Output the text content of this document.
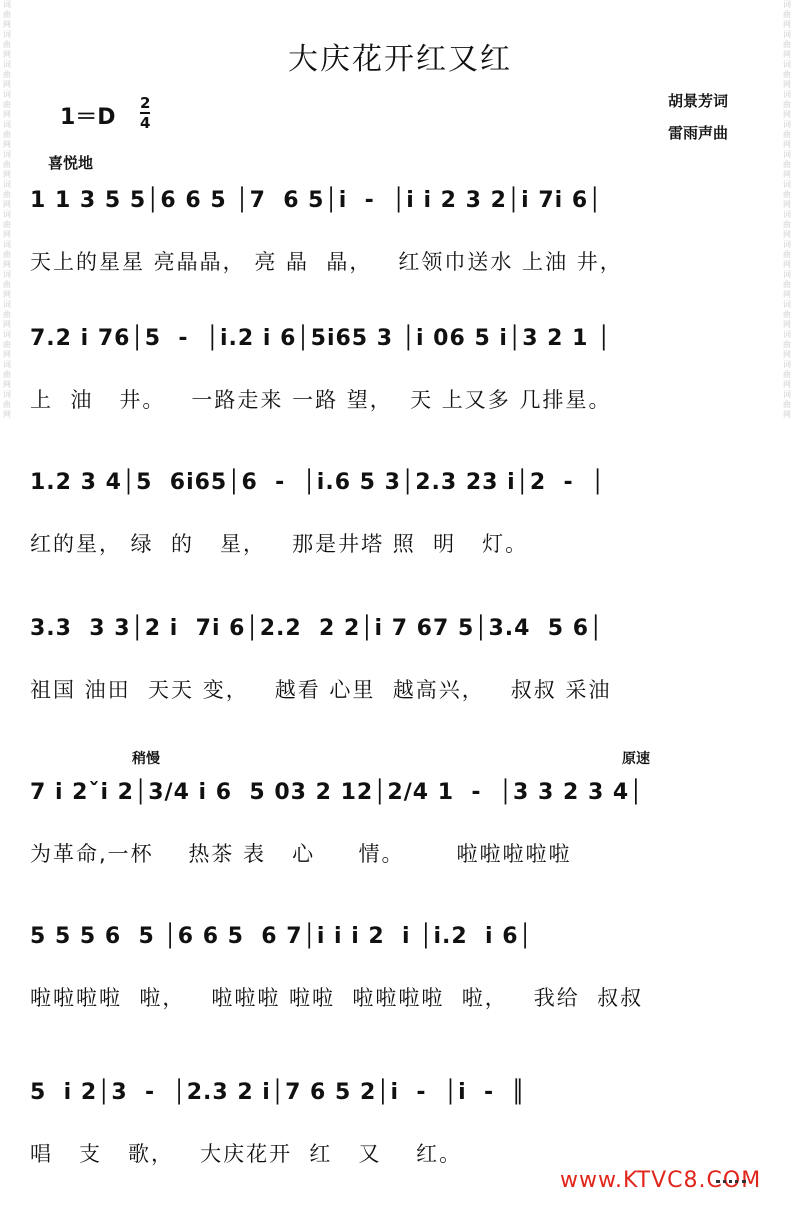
词曲网词曲网词曲网词曲网词曲网词曲网词曲网词曲网词曲网词曲网词曲网词曲网词曲网词曲网
词曲网词曲网词曲网词曲网词曲网词曲网词曲网词曲网词曲网词曲网词曲网词曲网词曲网词曲网
大庆花开红又红
1＝D
2
4
胡景芳词
雷雨声曲
喜悦地
稍慢	原速
1 1 3 5 5│6 6 5 │7  6 5│i  -  │i i 2 3 2│i 7i 6│
天上的星星 亮晶晶， 亮 晶  晶，   红领巾送水 上油 井，
7.2 i 76│5  -  │i.2 i 6│5i65 3 │i 06 5 i│3 2 1 │
上  油   井。   一路走来 一路 望，  天 上又多 几排星。
1.2 3 4│5  6i65│6  -  │i.6 5 3│2.3 23 i│2  -  │
红的星， 绿  的   星，   那是井塔 照  明   灯。
3.3  3 3│2 i  7i 6│2.2  2 2│i 7 67 5│3.4  5 6│
祖国 油田  天天 变，   越看 心里  越高兴，   叔叔 采油
7 i 2ˇi 2│3/4 i 6  5 03 2 12│2/4 1  -  │3 3 2 3 4│
为革命,一杯    热茶 表   心     情。      啦啦啦啦啦
5 5 5 6  5 │6 6 5  6 7│i i i 2  i │i.2  i 6│
啦啦啦啦  啦，   啦啦啦 啦啦  啦啦啦啦  啦，   我给  叔叔
5  i 2│3  -  │2.3 2 i│7 6 5 2│i  -  │i  -  ║
唱   支   歌，   大庆花开  红   又    红。
www.KTVC8.COM
